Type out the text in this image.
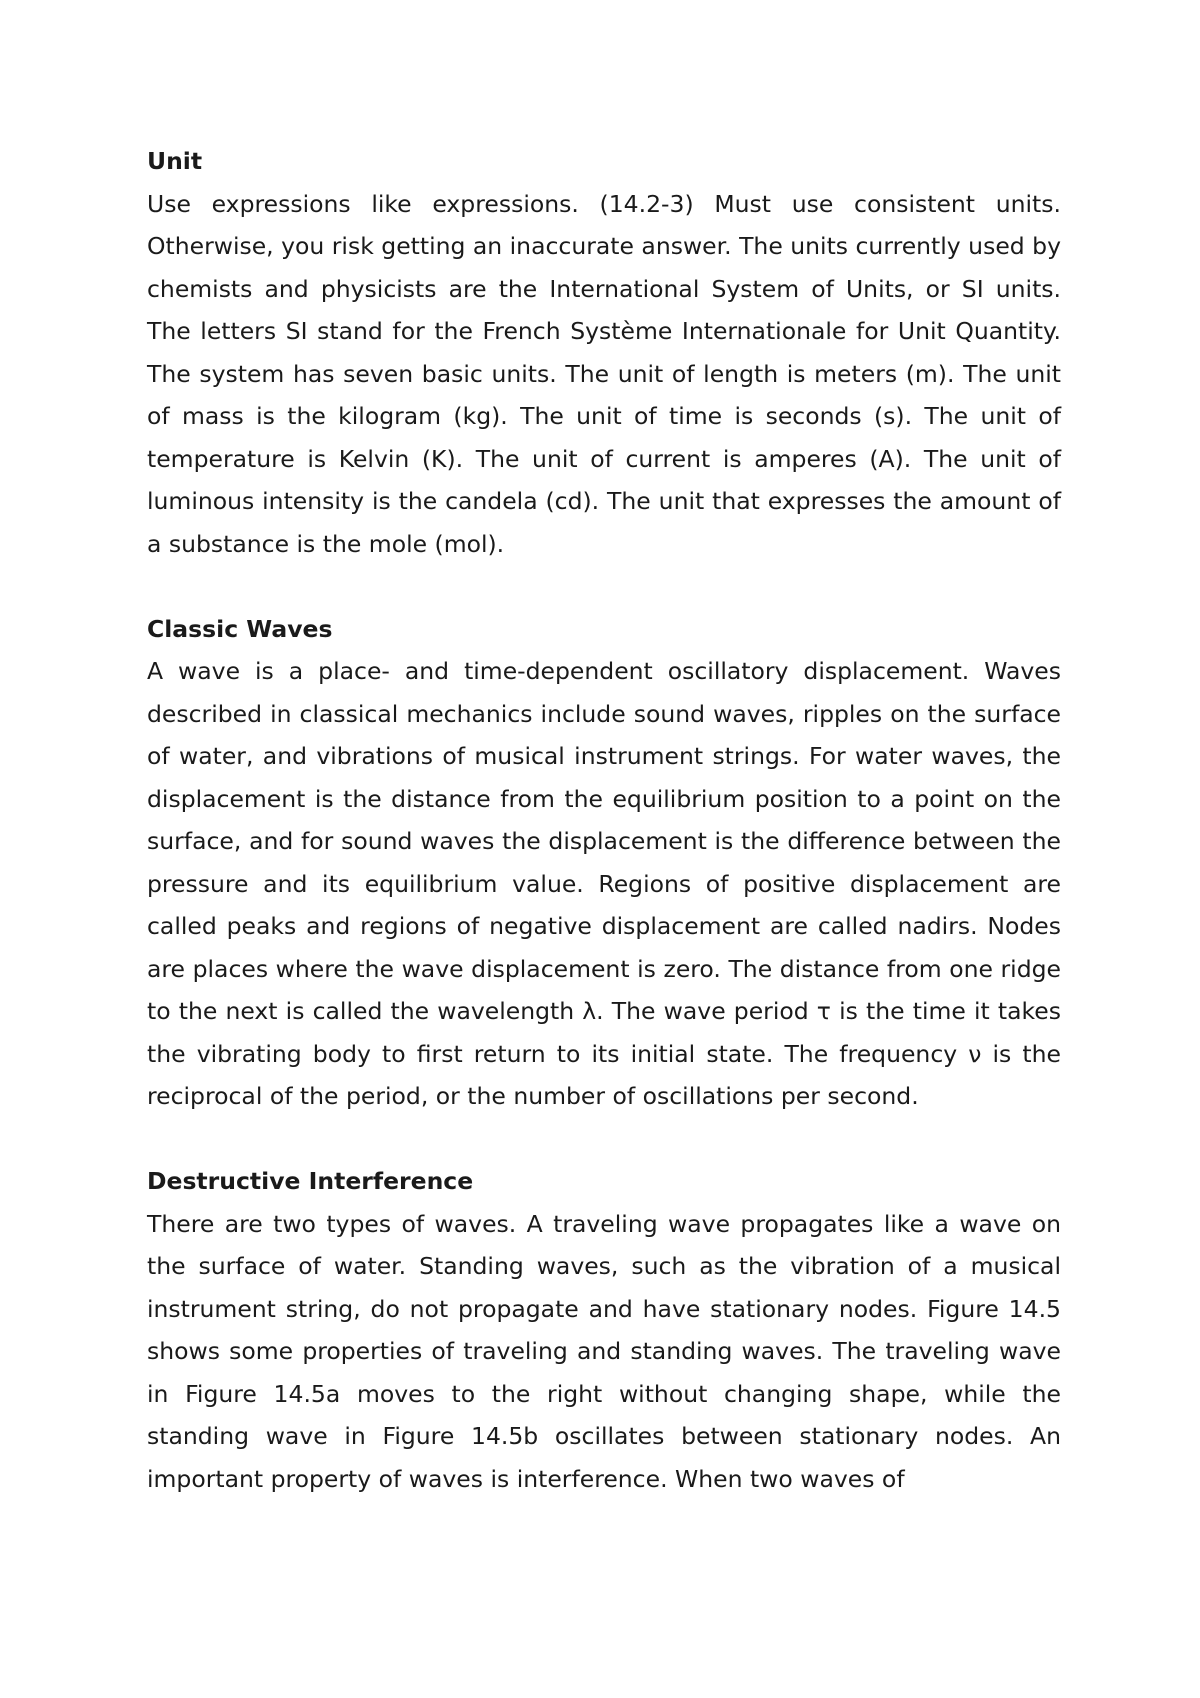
Unit

Use expressions like expressions. (14.2-3) Must use consistent units. Otherwise, you risk getting an inaccurate answer. The units currently used by chemists and physicists are the International System of Units, or SI units. The letters SI stand for the French Système Internationale for Unit Quantity. The system has seven basic units. The unit of length is meters (m). The unit of mass is the kilogram (kg). The unit of time is seconds (s). The unit of temperature is Kelvin (K). The unit of current is amperes (A). The unit of luminous intensity is the candela (cd). The unit that expresses the amount of a substance is the mole (mol).

Classic Waves

A wave is a place- and time-dependent oscillatory displacement. Waves described in classical mechanics include sound waves, ripples on the surface of water, and vibrations of musical instrument strings. For water waves, the displacement is the distance from the equilibrium position to a point on the surface, and for sound waves the displacement is the difference between the pressure and its equilibrium value. Regions of positive displacement are called peaks and regions of negative displacement are called nadirs. Nodes are places where the wave displacement is zero. The distance from one ridge to the next is called the wavelength λ. The wave period τ is the time it takes the vibrating body to first return to its initial state. The frequency ν is the reciprocal of the period, or the number of oscillations per second.

Destructive Interference

There are two types of waves. A traveling wave propagates like a wave on the surface of water. Standing waves, such as the vibration of a musical instrument string, do not propagate and have stationary nodes. Figure 14.5 shows some properties of traveling and standing waves. The traveling wave in Figure 14.5a moves to the right without changing shape, while the standing wave in Figure 14.5b oscillates between stationary nodes. An important property of waves is interference. When two waves of
